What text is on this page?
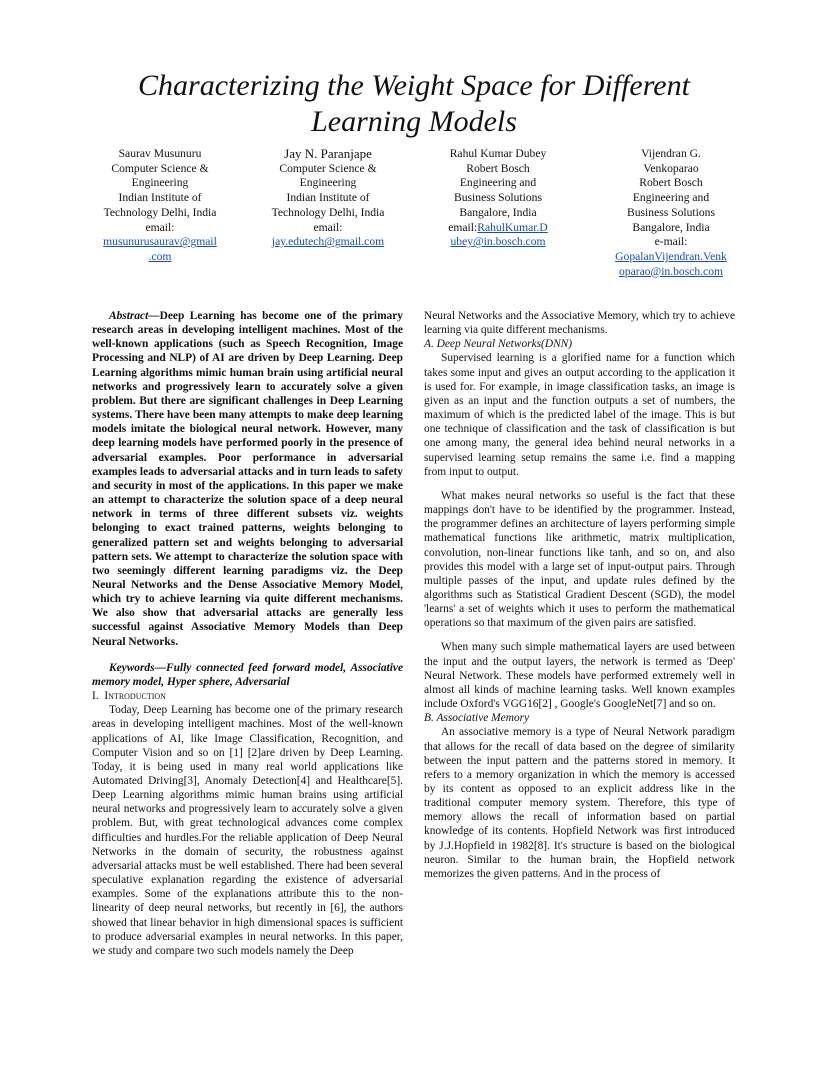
Characterizing the Weight Space for Different
Learning Models
Saurav Musunuru
Computer Science &
Engineering
Indian Institute of
Technology Delhi, India
email:
musunurusaurav@gmail
.com
Jay N. Paranjape
Computer Science &
Engineering
Indian Institute of
Technology Delhi, India
email:
jay.edutech@gmail.com
Rahul Kumar Dubey
Robert Bosch
Engineering and
Business Solutions
Bangalore, India
email:RahulKumar.D
ubey@in.bosch.com
Vijendran G.
Venkoparao
Robert Bosch
Engineering and
Business Solutions
Bangalore, India
e-mail:
GopalanVijendran.Venk
oparao@in.bosch.com

Abstract—Deep Learning has become one of the primary research areas in developing intelligent machines. Most of the well-known applications (such as Speech Recognition, Image Processing and NLP) of AI are driven by Deep Learning. Deep Learning algorithms mimic human brain using artificial neural networks and progressively learn to accurately solve a given problem. But there are significant challenges in Deep Learning systems. There have been many attempts to make deep learning models imitate the biological neural network. However, many deep learning models have performed poorly in the presence of adversarial examples. Poor performance in adversarial examples leads to adversarial attacks and in turn leads to safety and security in most of the applications. In this paper we make an attempt to characterize the solution space of a deep neural network in terms of three different subsets viz. weights belonging to exact trained patterns, weights belonging to generalized pattern set and weights belonging to adversarial pattern sets. We attempt to characterize the solution space with two seemingly different learning paradigms viz. the Deep Neural Networks and the Dense Associative Memory Model, which try to achieve learning via quite different mechanisms. We also show that adversarial attacks are generally less successful against Associative Memory Models than Deep Neural Networks.

Keywords—Fully connected feed forward model, Associative memory model, Hyper sphere, Adversarial

I. Introduction

Today, Deep Learning has become one of the primary research areas in developing intelligent machines. Most of the well-known applications of AI, like Image Classification, Recognition, and Computer Vision and so on [1] [2]are driven by Deep Learning. Today, it is being used in many real world applications like Automated Driving[3], Anomaly Detection[4] and Healthcare[5]. Deep Learning algorithms mimic human brains using artificial neural networks and progressively learn to accurately solve a given problem. But, with great technological advances come complex difficulties and hurdles.For the reliable application of Deep Neural Networks in the domain of security, the robustness against adversarial attacks must be well established. There had been several speculative explanation regarding the existence of adversarial examples. Some of the explanations attribute this to the non-linearity of deep neural networks, but recently in [6], the authors showed that linear behavior in high dimensional spaces is sufficient to produce adversarial examples in neural networks. In this paper, we study and compare two such models namely the Deep

Neural Networks and the Associative Memory, which try to achieve learning via quite different mechanisms.

A. Deep Neural Networks(DNN)

Supervised learning is a glorified name for a function which takes some input and gives an output according to the application it is used for. For example, in image classification tasks, an image is given as an input and the function outputs a set of numbers, the maximum of which is the predicted label of the image. This is but one technique of classification and the task of classification is but one among many, the general idea behind neural networks in a supervised learning setup remains the same i.e. find a mapping from input to output.

What makes neural networks so useful is the fact that these mappings don't have to be identified by the programmer. Instead, the programmer defines an architecture of layers performing simple mathematical functions like arithmetic, matrix multiplication, convolution, non-linear functions like tanh, and so on, and also provides this model with a large set of input-output pairs. Through multiple passes of the input, and update rules defined by the algorithms such as Statistical Gradient Descent (SGD), the model 'learns' a set of weights which it uses to perform the mathematical operations so that maximum of the given pairs are satisfied.

When many such simple mathematical layers are used between the input and the output layers, the network is termed as 'Deep' Neural Network. These models have performed extremely well in almost all kinds of machine learning tasks. Well known examples include Oxford's VGG16[2] , Google's GoogleNet[7] and so on.

B. Associative Memory

An associative memory is a type of Neural Network paradigm that allows for the recall of data based on the degree of similarity between the input pattern and the patterns stored in memory. It refers to a memory organization in which the memory is accessed by its content as opposed to an explicit address like in the traditional computer memory system. Therefore, this type of memory allows the recall of information based on partial knowledge of its contents. Hopfield Network was first introduced by J.J.Hopfield in 1982[8]. It's structure is based on the biological neuron. Similar to the human brain, the Hopfield network memorizes the given patterns. And in the process of
